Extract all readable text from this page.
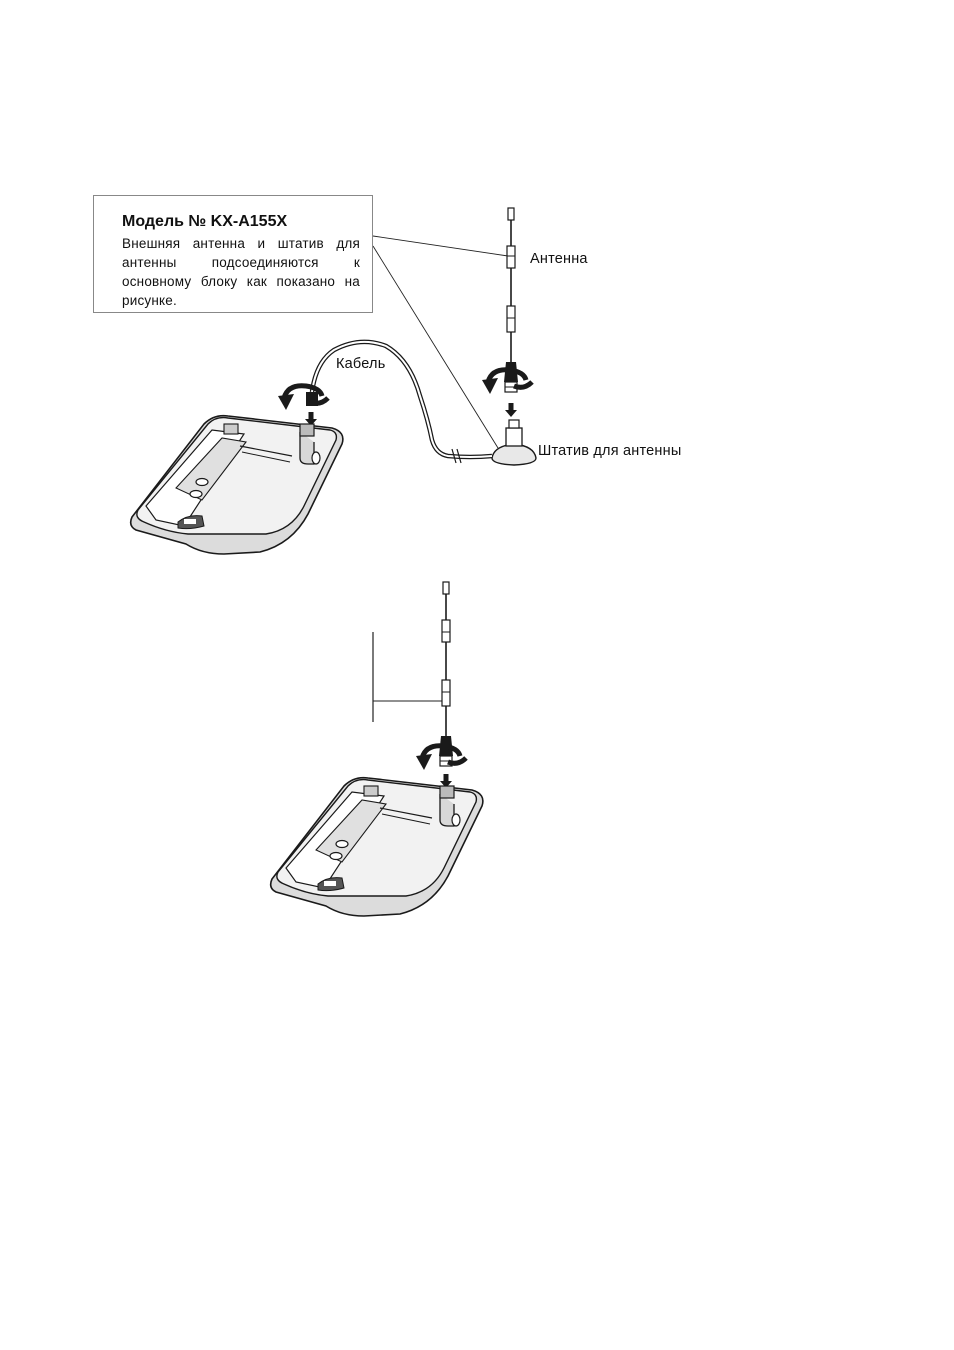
Модель № KX-A155X
Внешняя антенна и штатив для антенны подсоединяются к основному блоку как показано на рисунке.
Антенна
Кабель
Штатив для антенны
